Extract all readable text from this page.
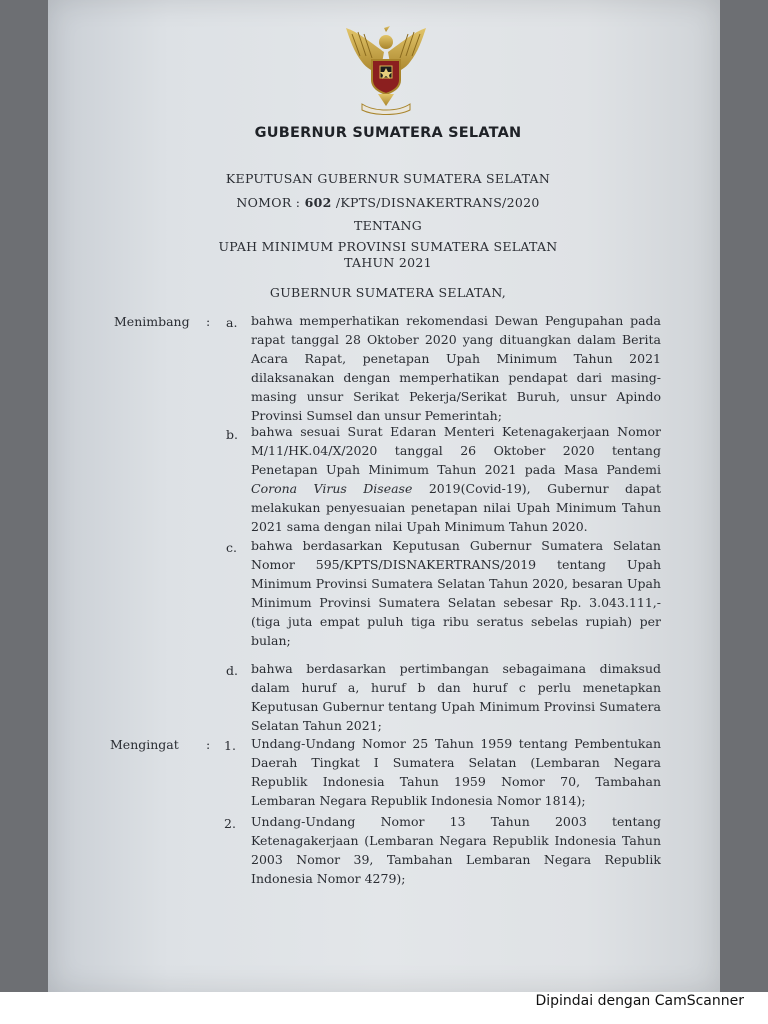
GUBERNUR SUMATERA SELATAN
KEPUTUSAN GUBERNUR SUMATERA SELATAN
NOMOR : 602 /KPTS/DISNAKERTRANS/2020
TENTANG
UPAH MINIMUM PROVINSI SUMATERA SELATAN
TAHUN 2021
GUBERNUR SUMATERA SELATAN,
Menimbang : a. bahwa memperhatikan rekomendasi Dewan Pengupahan pada rapat tanggal 28 Oktober 2020 yang dituangkan dalam Berita Acara Rapat, penetapan Upah Minimum Tahun 2021 dilaksanakan dengan memperhatikan pendapat dari masing-masing unsur Serikat Pekerja/Serikat Buruh, unsur Apindo Provinsi Sumsel dan unsur Pemerintah;
b. bahwa sesuai Surat Edaran Menteri Ketenagakerjaan Nomor M/11/HK.04/X/2020 tanggal 26 Oktober 2020 tentang Penetapan Upah Minimum Tahun 2021 pada Masa Pandemi Corona Virus Disease 2019(Covid-19), Gubernur dapat melakukan penyesuaian penetapan nilai Upah Minimum Tahun 2021 sama dengan nilai Upah Minimum Tahun 2020.
c. bahwa berdasarkan Keputusan Gubernur Sumatera Selatan Nomor 595/KPTS/DISNAKERTRANS/2019 tentang Upah Minimum Provinsi Sumatera Selatan Tahun 2020, besaran Upah Minimum Provinsi Sumatera Selatan sebesar Rp. 3.043.111,- (tiga juta empat puluh tiga ribu seratus sebelas rupiah) per bulan;
d. bahwa berdasarkan pertimbangan sebagaimana dimaksud dalam huruf a, huruf b dan huruf c perlu menetapkan Keputusan Gubernur tentang Upah Minimum Provinsi Sumatera Selatan Tahun 2021;
Mengingat : 1. Undang-Undang Nomor 25 Tahun 1959 tentang Pembentukan Daerah Tingkat I Sumatera Selatan (Lembaran Negara Republik Indonesia Tahun 1959 Nomor 70, Tambahan Lembaran Negara Republik Indonesia Nomor 1814);
2. Undang-Undang Nomor 13 Tahun 2003 tentang Ketenagakerjaan (Lembaran Negara Republik Indonesia Tahun 2003 Nomor 39, Tambahan Lembaran Negara Republik Indonesia Nomor 4279);
Dipindai dengan CamScanner
